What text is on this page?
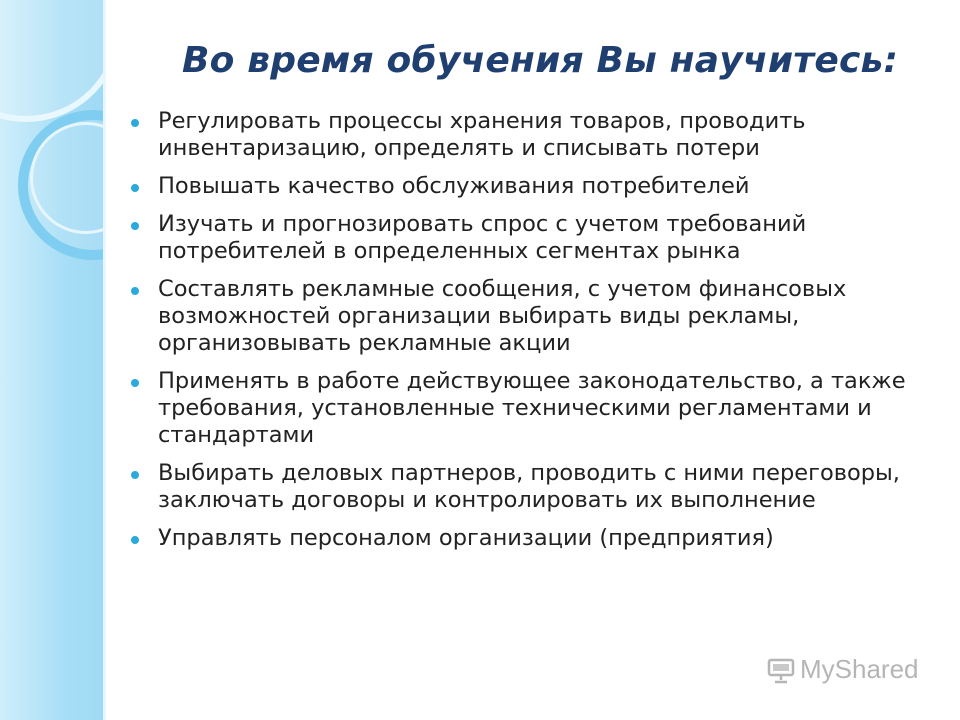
Во время обучения Вы научитесь:
Регулировать процессы хранения товаров, проводить инвентаризацию, определять и списывать потери
Повышать качество обслуживания потребителей
Изучать и прогнозировать спрос с учетом требований потребителей в определенных сегментах рынка
Составлять рекламные сообщения, с учетом финансовых возможностей организации выбирать виды рекламы, организовывать рекламные акции
Применять в работе действующее законодательство, а также требования, установленные техническими регламентами и стандартами
Выбирать деловых партнеров, проводить с ними переговоры, заключать договоры и контролировать их выполнение
Управлять персоналом организации (предприятия)
MyShared
